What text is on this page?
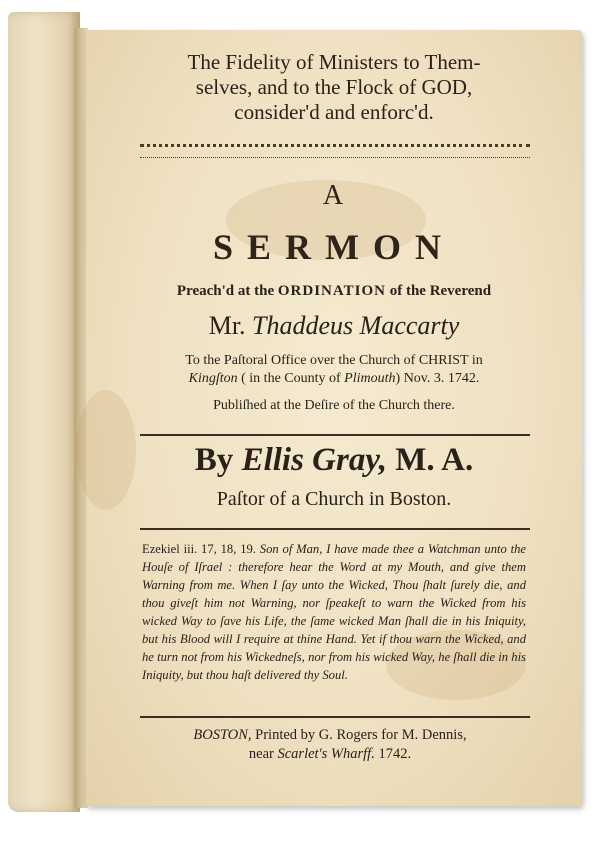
The Fidelity of Ministers to Them-
selves, and to the Flock of GOD,
consider'd and enforc'd.
A
SERMON
Preach'd at the ORDINATION of the Reverend
Mr. Thaddeus Maccarty
To the Paſtoral Office over the Church of CHRIST in
Kingſton ( in the County of Plimouth) Nov. 3. 1742.
Publiſhed at the Deſire of the Church there.
By Ellis Gray, M. A.
Paſtor of a Church in Boston.
Ezekiel iii. 17, 18, 19. Son of Man, I have made thee a Watchman unto the Houſe of Iſrael : therefore hear the Word at my Mouth, and give them Warning from me. When I ſay unto the Wicked, Thou ſhalt ſurely die, and thou giveſt him not Warning, nor ſpeakeſt to warn the Wicked from his wicked Way to ſave his Life, the ſame wicked Man ſhall die in his Iniquity, but his Blood will I require at thine Hand. Yet if thou warn the Wicked, and he turn not from his Wickedneſs, nor from his wicked Way, he ſhall die in his Iniquity, but thou haſt delivered thy Soul.
BOSTON, Printed by G. Rogers for M. Dennis,
near Scarlet's Wharff. 1742.
